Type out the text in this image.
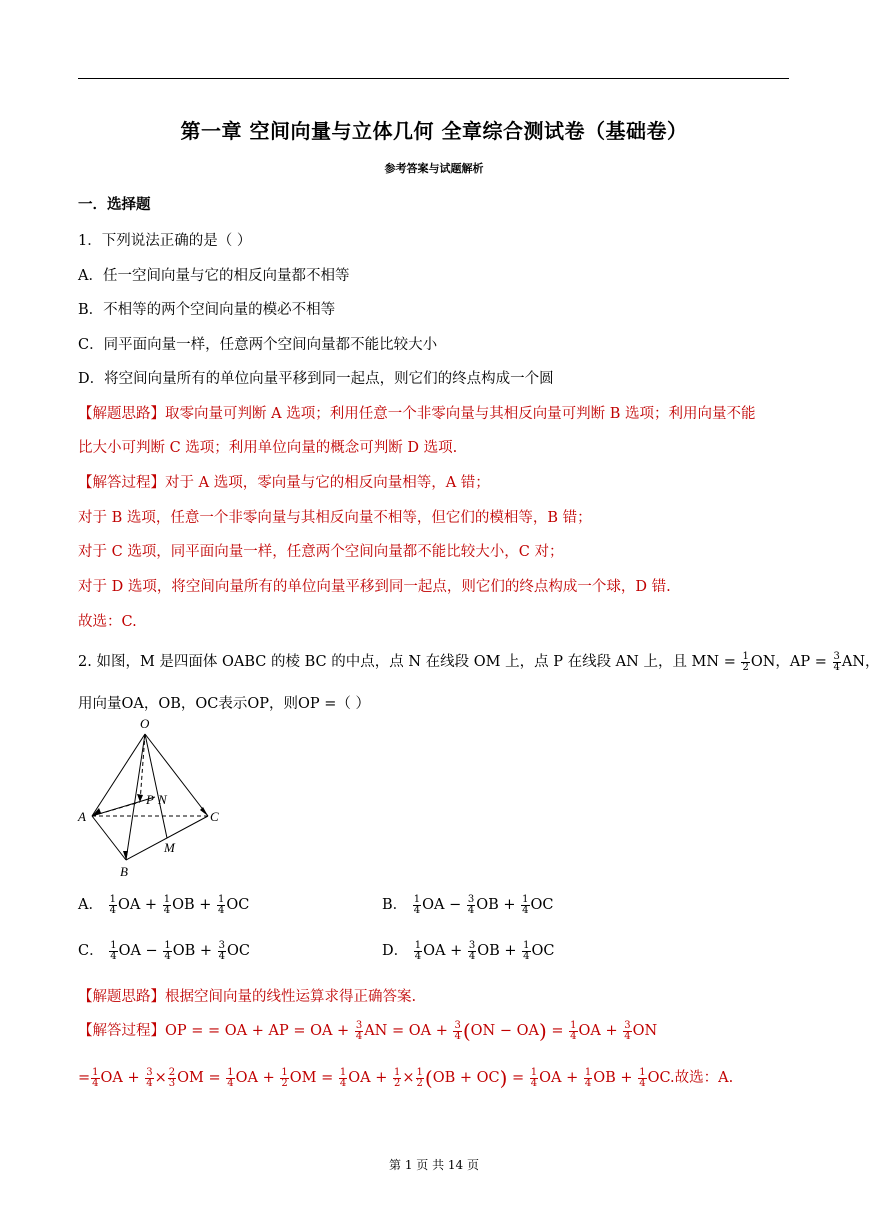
第一章 空间向量与立体几何 全章综合测试卷（基础卷）
参考答案与试题解析
一．选择题
1．下列说法正确的是（ ）
A．任一空间向量与它的相反向量都不相等
B．不相等的两个空间向量的模必不相等
C．同平面向量一样，任意两个空间向量都不能比较大小
D．将空间向量所有的单位向量平移到同一起点，则它们的终点构成一个圆
【解题思路】取零向量可判断 A 选项；利用任意一个非零向量与其相反向量可判断 B 选项；利用向量不能
比大小可判断 C 选项；利用单位向量的概念可判断 D 选项.
【解答过程】对于 A 选项，零向量与它的相反向量相等，A 错；
对于 B 选项，任意一个非零向量与其相反向量不相等，但它们的模相等，B 错；
对于 C 选项，同平面向量一样，任意两个空间向量都不能比较大小，C 对；
对于 D 选项，将空间向量所有的单位向量平移到同一起点，则它们的终点构成一个球，D 错.
故选：C.
2. 如图，M 是四面体 OABC 的棱 BC 的中点，点 N 在线段 OM 上，点 P 在线段 AN 上，且 MN = $\frac{1}{2}$ ON，AP = $\frac{3}{4}$ AN，
用向量OA，OB，OC表示OP，则OP =（ ）
O
A
B
C
M
N
P
A． $\frac{1}{4}$ OA + $\frac{1}{4}$ OB + $\frac{1}{4}$ OC	B． $\frac{1}{4}$ OA − $\frac{3}{4}$ OB + $\frac{1}{4}$ OC
C． $\frac{1}{4}$ OA − $\frac{1}{4}$ OB + $\frac{3}{4}$ OC	D． $\frac{1}{4}$ OA + $\frac{3}{4}$ OB + $\frac{1}{4}$ OC
【解题思路】根据空间向量的线性运算求得正确答案.
【解答过程】OP = = OA + AP = OA + $\frac{3}{4}$ AN = OA + $\frac{3}{4} (ON - OA) = \frac{1}{4}$ OA + $\frac{3}{4}$ ON
= $\frac{1}{4}$ OA + $\frac{3}{4} \times \frac{2}{3}$ OM = $\frac{1}{4}$ OA + $\frac{1}{2}$ OM = $\frac{1}{4}$ OA + $\frac{1}{2} \times \frac{1}{2} (OB + OC) = \frac{1}{4}$ OA + $\frac{1}{4}$ OB + $\frac{1}{4}$ OC.故选：A.
第 1 页 共 14 页
